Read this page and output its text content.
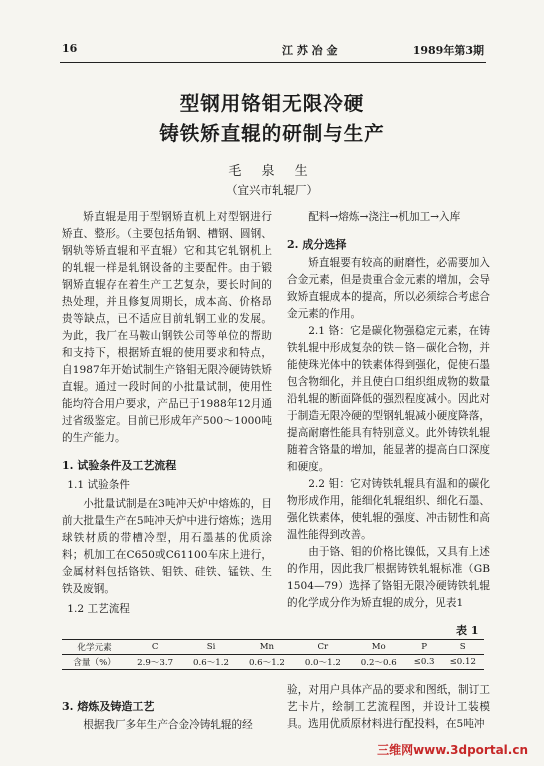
16	江 苏 冶 金	1989年第3期
型钢用铬钼无限冷硬
铸铁矫直辊的研制与生产
毛 泉 生
（宜兴市轧辊厂）

矫直辊是用于型钢矫直机上对型钢进行矫直、整形。（主要包括角钢、槽钢、圆钢、钢轨等矫直辊和平直辊）它和其它轧钢机上的轧辊一样是轧钢设备的主要配件。由于锻钢矫直辊存在着生产工艺复杂，要长时间的热处理，并且修复周期长，成本高、价格昂贵等缺点，已不适应目前轧钢工业的发展。为此，我厂在马鞍山钢铁公司等单位的帮助和支持下，根据矫直辊的使用要求和特点，自1987年开始试制生产铬钼无限冷硬铸铁矫直辊。通过一段时间的小批量试制，使用性能均符合用户要求，产品已于1988年12月通过省级鉴定。目前已形成年产500～1000吨的生产能力。

1. 试验条件及工艺流程
1.1 试验条件

小批量试制是在3吨冲天炉中熔炼的，目前大批量生产在5吨冲天炉中进行熔炼；选用球铁材质的带槽冷型，用石墨基的优质涂料；机加工在C650或C61100车床上进行，金属材料包括铬铁、钼铁、硅铁、锰铁、生铁及废钢。

1.2 工艺流程

配料→熔炼→浇注→机加工→入库

2. 成分选择

矫直辊要有较高的耐磨性，必需要加入合金元素，但是贵重合金元素的增加，会导致矫直辊成本的提高，所以必须综合考虑合金元素的作用。

2.1 铬：它是碳化物强稳定元素，在铸铁轧辊中形成复杂的铁－铬－碳化合物，并能使珠光体中的铁素体得到强化，促使石墨包含物细化，并且使白口组织组成物的数量沿轧辊的断面降低的强烈程度减小。因此对于制造无限冷硬的型钢轧辊减小硬度降落，提高耐磨性能具有特别意义。此外铸铁轧辊随着含铬量的增加，能显著的提高白口深度和硬度。

2.2 钼：它对铸铁轧辊具有温和的碳化物形成作用，能细化轧辊组织、细化石墨、强化铁素体，使轧辊的强度、冲击韧性和高温性能得到改善。

由于铬、钼的价格比镍低，又具有上述的作用，因此我厂根据铸铁轧辊标准（GB 1504—79）选择了铬钼无限冷硬铸铁轧辊的化学成分作为矫直辊的成分，见表1

表 1
化学元素	C	Si	Mn	Cr	Mo	P	S
含量（%）	2.9～3.7	0.6～1.2	0.6～1.2	0.0～1.2	0.2～0.6	≤0.3	≤0.12
3. 熔炼及铸造工艺

根据我厂多年生产合金冷铸轧辊的经

验，对用户具体产品的要求和图纸，制订工艺卡片，绘制工艺流程图，并设计工装模具。选用优质原材料进行配投料，在5吨冲

三维网www.3dportal.cn
